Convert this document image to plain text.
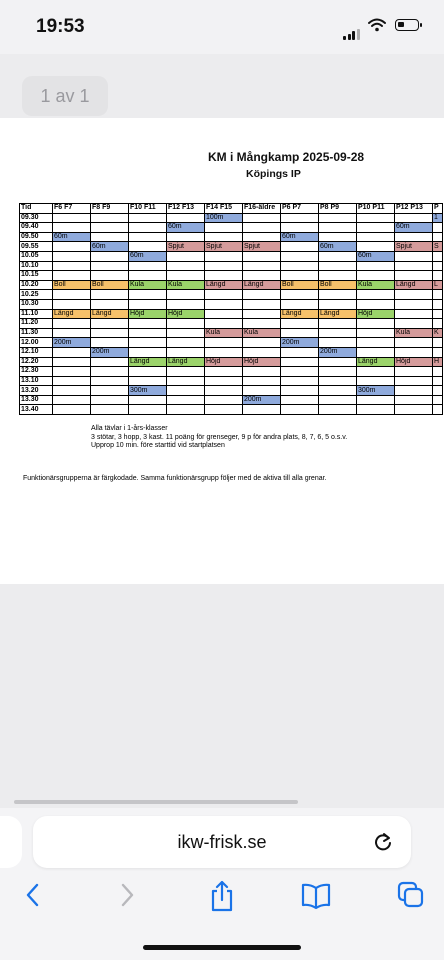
19:53
1 av 1
KM i Mångkamp 2025-09-28
Köpings IP
Tid	F6 F7	F8 F9	F10 F11	F12 F13	F14 F15	F16-äldre	P6 P7	P8 P9	P10 P11	P12 P13	P
09.30					100m						1
09.40				60m						60m	
09.50	60m						60m				
09.55		60m		Spjut	Spjut	Spjut		60m		Spjut	S
10.05			60m						60m		
10.10											
10.15											
10.20	Boll	Boll	Kula	Kula	Längd	Längd	Boll	Boll	Kula	Längd	L
10.25											
10.30											
11.10	Längd	Längd	Höjd	Höjd			Längd	Längd	Höjd		
11.20											
11.30					Kula	Kula				Kula	K
12.00	200m						200m				
12.10		200m						200m			
12.20			Längd	Längd	Höjd	Höjd			Längd	Höjd	H
12.30											
13.10											
13.20			300m						300m		
13.30						200m					
13.40											
Alla tävlar i 1-års-klasser
3 stötar, 3 hopp, 3 kast. 11 poäng för grenseger, 9 p för andra plats, 8, 7, 6, 5 o.s.v.
Upprop 10 min. före starttid vid startplatsen
Funktionärsgrupperna är färgkodade. Samma funktionärsgrupp följer med de aktiva till alla grenar.
ikw-frisk.se
